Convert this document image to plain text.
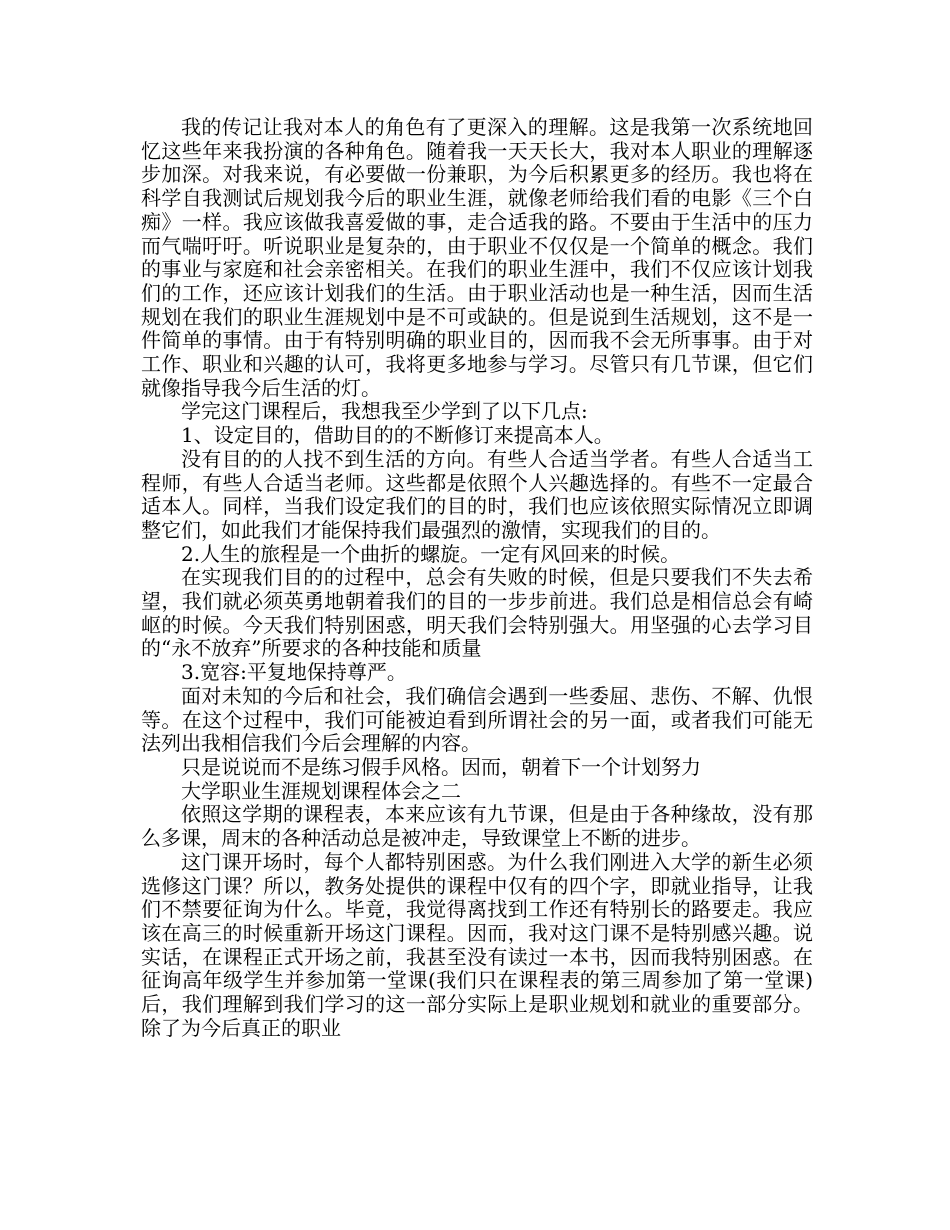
我的传记让我对本人的角色有了更深入的理解。这是我第一次系统地回忆这些年来我扮演的各种角色。随着我一天天长大，我对本人职业的理解逐步加深。对我来说，有必要做一份兼职，为今后积累更多的经历。我也将在科学自我测试后规划我今后的职业生涯，就像老师给我们看的电影《三个白痴》一样。我应该做我喜爱做的事，走合适我的路。不要由于生活中的压力而气喘吁吁。听说职业是复杂的，由于职业不仅仅是一个简单的概念。我们的事业与家庭和社会亲密相关。在我们的职业生涯中，我们不仅应该计划我们的工作，还应该计划我们的生活。由于职业活动也是一种生活，因而生活规划在我们的职业生涯规划中是不可或缺的。但是说到生活规划，这不是一件简单的事情。由于有特别明确的职业目的，因而我不会无所事事。由于对工作、职业和兴趣的认可，我将更多地参与学习。尽管只有几节课，但它们就像指导我今后生活的灯。

学完这门课程后，我想我至少学到了以下几点:

1、设定目的，借助目的的不断修订来提高本人。

没有目的的人找不到生活的方向。有些人合适当学者。有些人合适当工程师，有些人合适当老师。这些都是依照个人兴趣选择的。有些不一定最合适本人。同样，当我们设定我们的目的时，我们也应该依照实际情况立即调整它们，如此我们才能保持我们最强烈的激情，实现我们的目的。

2.人生的旅程是一个曲折的螺旋。一定有风回来的时候。

在实现我们目的的过程中，总会有失败的时候，但是只要我们不失去希望，我们就必须英勇地朝着我们的目的一步步前进。我们总是相信总会有崎岖的时候。今天我们特别困惑，明天我们会特别强大。用坚强的心去学习目的“永不放弃”所要求的各种技能和质量

3.宽容:平复地保持尊严。

面对未知的今后和社会，我们确信会遇到一些委屈、悲伤、不解、仇恨等。在这个过程中，我们可能被迫看到所谓社会的另一面，或者我们可能无法列出我相信我们今后会理解的内容。

只是说说而不是练习假手风格。因而，朝着下一个计划努力

大学职业生涯规划课程体会之二

依照这学期的课程表，本来应该有九节课，但是由于各种缘故，没有那么多课，周末的各种活动总是被冲走，导致课堂上不断的进步。

这门课开场时，每个人都特别困惑。为什么我们刚进入大学的新生必须选修这门课？所以，教务处提供的课程中仅有的四个字，即就业指导，让我们不禁要征询为什么。毕竟，我觉得离找到工作还有特别长的路要走。我应该在高三的时候重新开场这门课程。因而，我对这门课不是特别感兴趣。说实话，在课程正式开场之前，我甚至没有读过一本书，因而我特别困惑。在征询高年级学生并参加第一堂课(我们只在课程表的第三周参加了第一堂课)后，我们理解到我们学习的这一部分实际上是职业规划和就业的重要部分。除了为今后真正的职业
